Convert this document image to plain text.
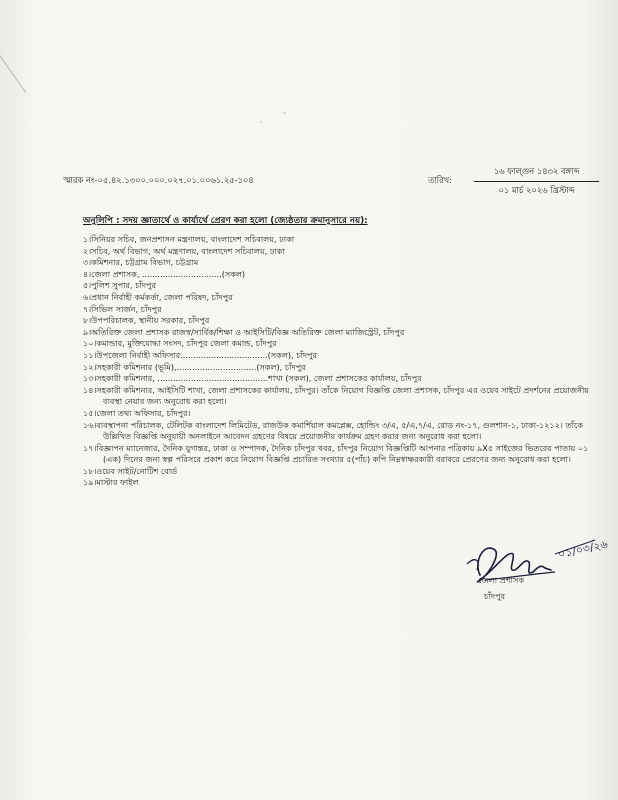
স্মারক নং-০৫.৪২.১৩০০.০০০.০২৭.০১.০০৬১.২৫-১০৪	তারিখ:
১৬ ফাল্গুন ১৪৩২ বঙ্গাব্দ
০১ মার্চ ২০২৬ খ্রিস্টাব্দ
অনুলিপি : সদয় জ্ঞাতার্থে ও কার্যার্থে প্রেরণ করা হলো (জ্যেষ্ঠতার ক্রমানুসারে নয়):
১।সিনিয়র সচিব, জনপ্রশাসন মন্ত্রণালয়, বাংলাদেশ সচিবালয়, ঢাকা
২।সচিব, অর্থ বিভাগ, অর্থ মন্ত্রণালয়, বাংলাদেশ সচিবালয়, ঢাকা
৩।কমিশনার, চট্টগ্রাম বিভাগ, চট্টগ্রাম
৪।জেলা প্রশাসক, ...............................(সকল)
৫।পুলিশ সুপার, চাঁদপুর
৬।প্রধান নির্বাহী কর্মকর্তা, জেলা পরিষদ, চাঁদপুর
৭।সিভিল সার্জন, চাঁদপুর
৮।উপপরিচালক, স্থানীয় সরকার, চাঁদপুর
৯।অতিরিক্ত জেলা প্রশাসক রাজস্ব/সার্বিক/শিক্ষা ও আইসিটি/বিজ্ঞ অতিরিক্ত জেলা ম্যাজিস্ট্রেট, চাঁদপুর
১০।কমান্ডার, মুক্তিযোদ্ধা সংসদ, চাঁদপুর জেলা কমান্ড, চাঁদপুর
১১।উপজেলা নির্বাহী অফিসার..................................(সকল), চাঁদপুর
১২।সহকারী কমিশনার (ভূমি),...............................(সকল), চাঁদপুর
১৩।সহকারী কমিশনার, ...........................................শাখা (সকল), জেলা প্রশাসকের কার্যালয়, চাঁদপুর
১৪।সহকারী কমিশনার, আইসিটি শাখা, জেলা প্রশাসকের কার্যালয়, চাঁদপুর। তাঁকে নিয়োগ বিজ্ঞপ্তি জেলা প্রশাসক, চাঁদপুর এর ওয়েব সাইটে প্রদর্শনের প্রয়োজনীয় ব্যবস্থা নেয়ার জন্য অনুরোধ করা হলো।
১৫।জেলা তথ্য অফিসার, চাঁদপুর।
১৬।ব্যবস্থাপনা পরিচালক, টেলিটক বাংলাদেশ লিমিটেড, রাজউক কমার্শিয়াল কমপ্লেক্স, হোল্ডিং ৩/এ, ৫/এ,৭/এ, রোড নং-১৭, গুলশান-১, ঢাকা-১২১২। তাঁকে উল্লিখিত বিজ্ঞপ্তি অনুযায়ী অনলাইনে আবেদন গ্রহণের বিষয়ে প্রয়োজনীয় কার্যক্রম গ্রহণ করার জন্য অনুরোধ করা হলো।
১৭।বিজ্ঞাপন ম্যানেজার, দৈনিক যুগান্তর, ঢাকা ও সম্পাদক, দৈনিক চাঁদপুর খবর, চাঁদপুর নিয়োগ বিজ্ঞপ্তিটি আপনার পত্রিকায় ৯X৫ সাইজের ভিতরের পাতায় ০১ (এক) দিনের জন্য স্বল্প পরিসরে প্রকাশ করে নিয়োগ বিজ্ঞপ্তি প্রচারিত সংখ্যার ৫(পাঁচ) কপি নিম্নস্বাক্ষরকারী বরাবরে প্রেরণের জন্য অনুরোধ করা হলো।
১৮।ওয়েব সাইট/নোটিশ বোর্ড
১৯।মাস্টার ফাইল
০১/০৩/২৬
জেলা প্রশাসক
চাঁদপুর
